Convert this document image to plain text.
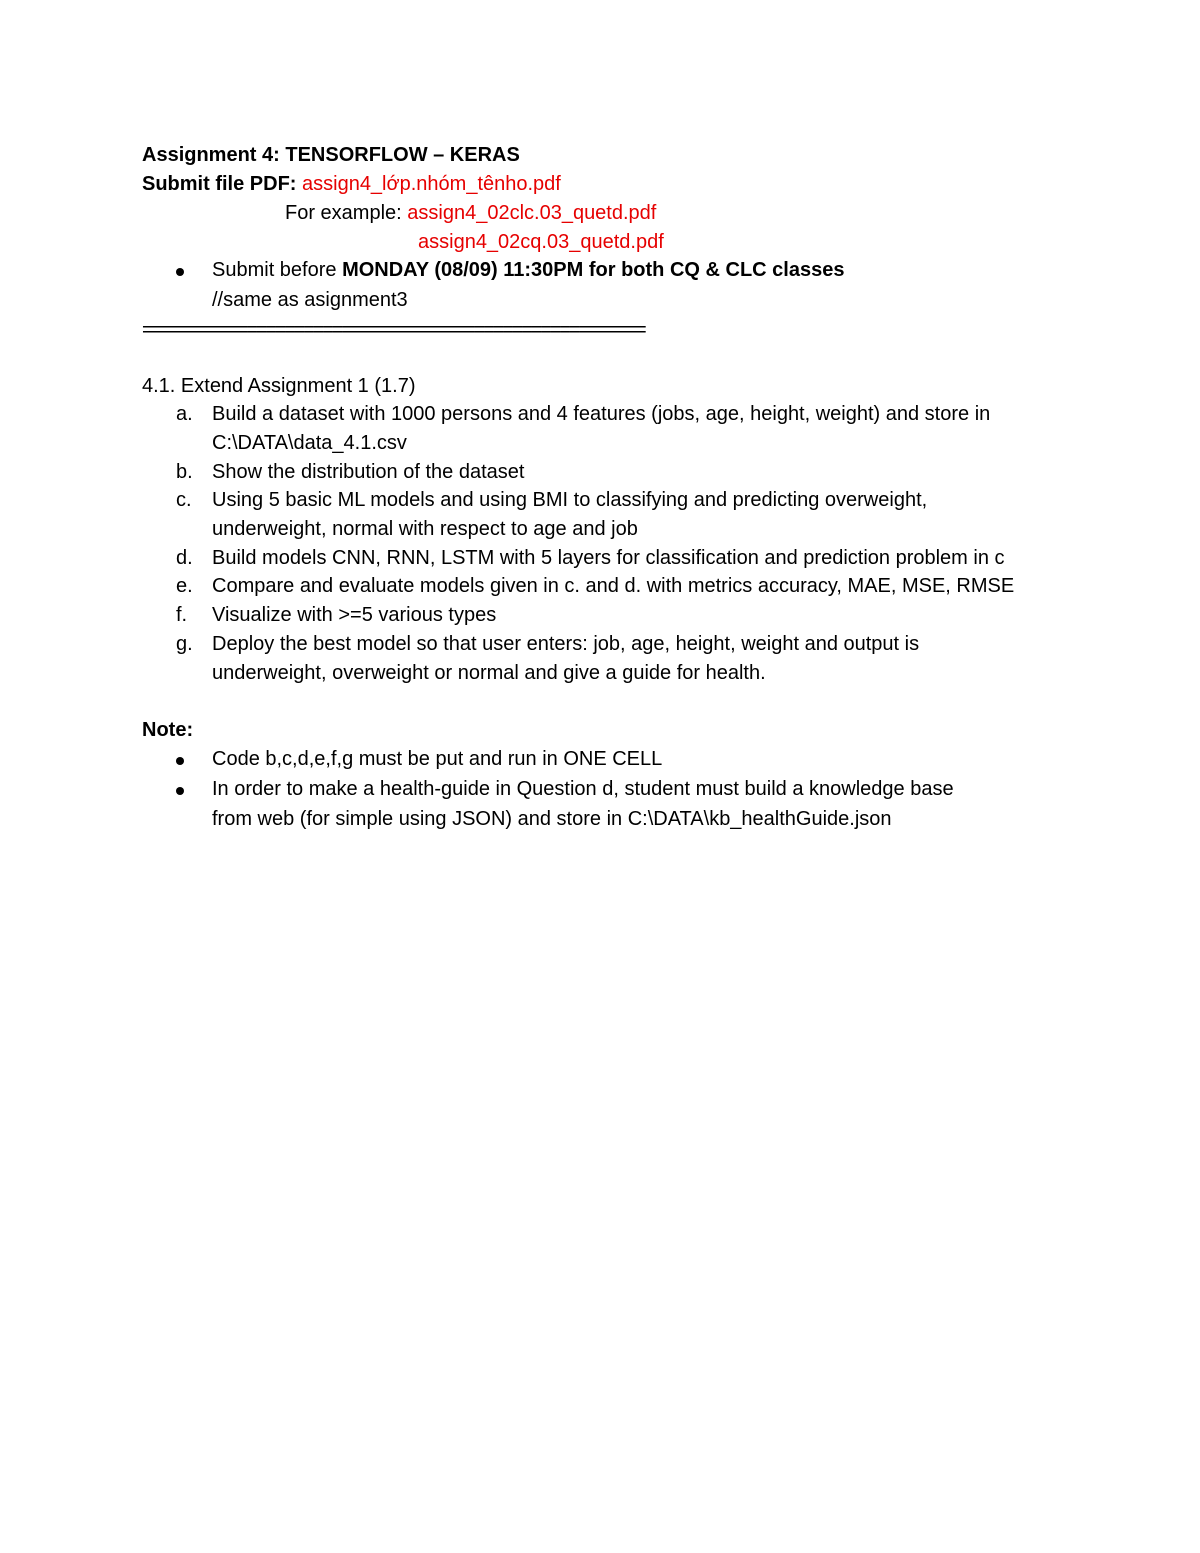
Assignment 4: TENSORFLOW – KERAS
Submit file PDF: assign4_lớp.nhóm_tênho.pdf
For example: assign4_02clc.03_quetd.pdf
assign4_02cq.03_quetd.pdf
Submit before MONDAY (08/09) 11:30PM for both CQ & CLC classes
//same as asignment3
=====================================================
4.1. Extend Assignment 1 (1.7)
a. Build a dataset with 1000 persons and 4 features (jobs, age, height, weight) and store in
C:\DATA\data_4.1.csv
b. Show the distribution of the dataset
c. Using 5 basic ML models and using BMI to classifying and predicting overweight,
underweight, normal with respect to age and job
d. Build models CNN, RNN, LSTM with 5 layers for classification and prediction problem in c
e. Compare and evaluate models given in c. and d. with metrics accuracy, MAE, MSE, RMSE
f. Visualize with >=5 various types
g. Deploy the best model so that user enters: job, age, height, weight and output is
underweight, overweight or normal and give a guide for health.
Note:
Code b,c,d,e,f,g must be put and run in ONE CELL
In order to make a health-guide in Question d, student must build a knowledge base
from web (for simple using JSON) and store in C:\DATA\kb_healthGuide.json
